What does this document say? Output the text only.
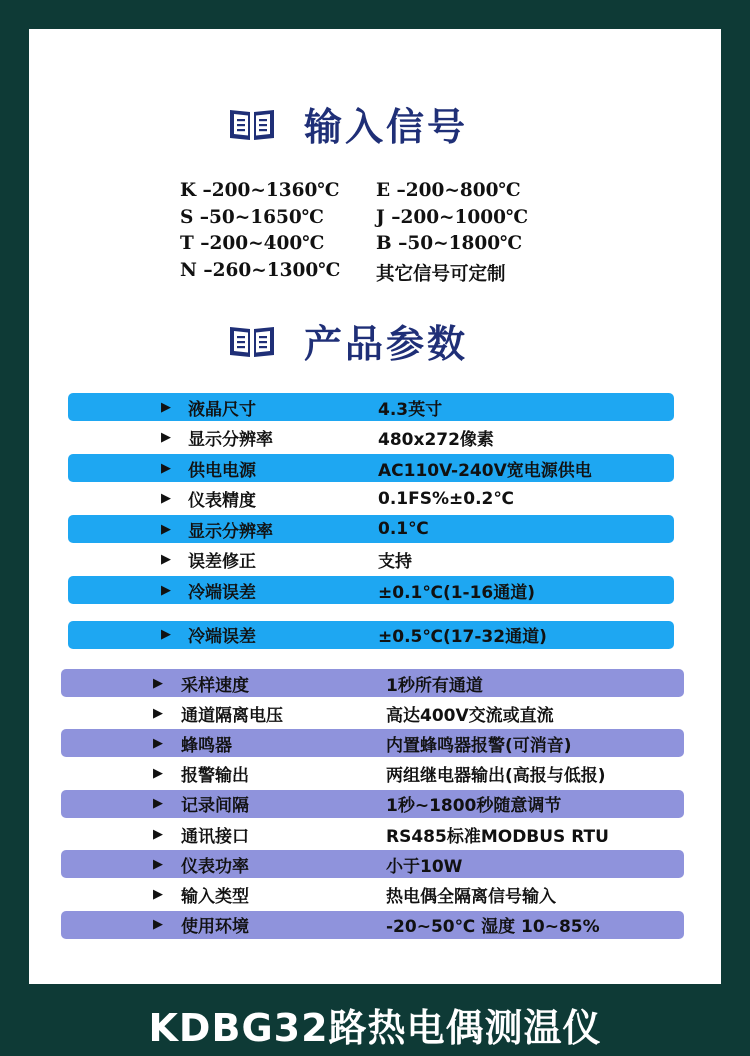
输入信号
K –200~1360℃	E –200~800℃
S –50~1650℃	J –200~1000℃
T –200~400℃	B –50~1800℃
N –260~1300℃	其它信号可定制
产品参数
▶ 液晶尺寸	4.3英寸
▶ 显示分辨率	480x272像素
▶ 供电电源	AC110V-240V宽电源供电
▶ 仪表精度	0.1FS%±0.2℃
▶ 显示分辨率	0.1℃
▶ 误差修正	支持
▶ 冷端误差	±0.1℃(1-16通道)
▶ 冷端误差	±0.5℃(17-32通道)
▶ 采样速度	1秒所有通道
▶ 通道隔离电压	高达400V交流或直流
▶ 蜂鸣器	内置蜂鸣器报警(可消音)
▶ 报警输出	两组继电器输出(高报与低报)
▶ 记录间隔	1秒~1800秒随意调节
▶ 通讯接口	RS485标准MODBUS RTU
▶ 仪表功率	小于10W
▶ 输入类型	热电偶全隔离信号输入
▶ 使用环境	-20~50℃ 湿度 10~85%
KDBG32路热电偶测温仪
